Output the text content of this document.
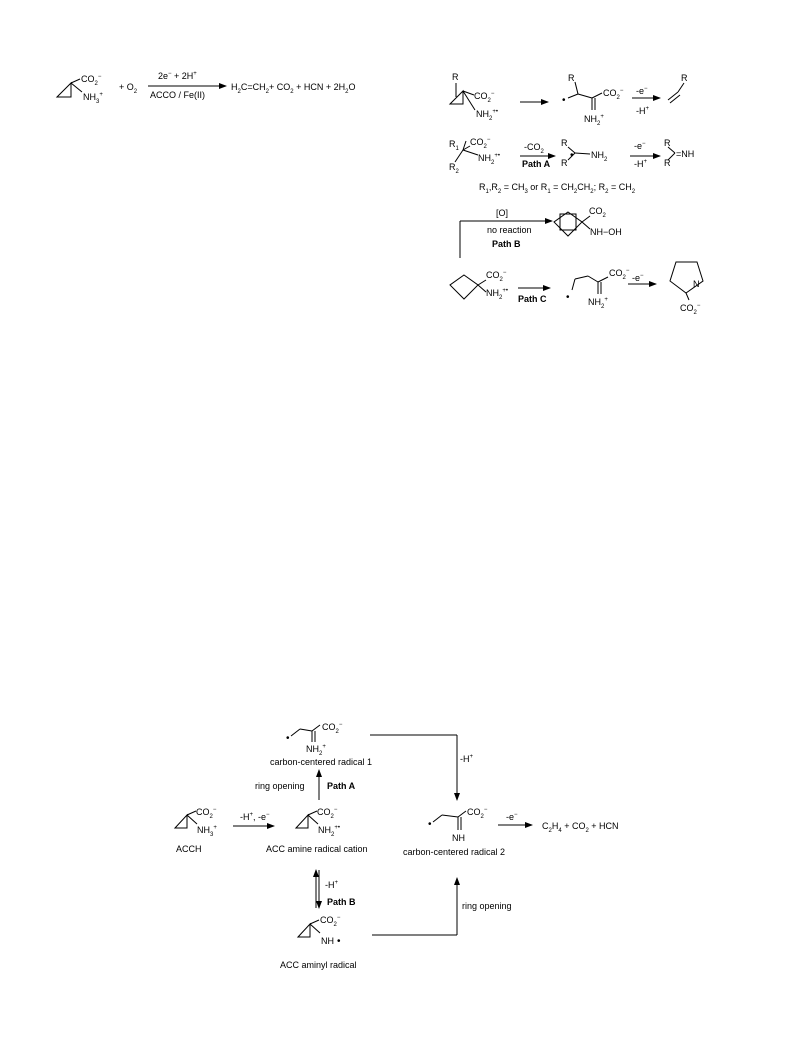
$CO_2^-$
$NH_3^+$
+ $O_2$
2e− + 2H+
ACCO / Fe(II)
$H_2C=CH_2+ CO_2$ + HCN + $2H_2O$
R
$CO_2^-$
$NH_2^{+•}$
R
•
$CO_2^-$
$NH_2^+$
-e−
-H+
R
$R_1$
$CO_2^-$
$R_2$
$NH_2^{+•}$
$-CO_2$
Path A
R
R
• $NH_2$
-e−
-H+
R
R
=NH
$R_1,R_2 = CH_3$ or $R_1 = CH_2CH_2$; $R_2 = CH_2$
[O]
no reaction
Path B
$CO_2$
NH−OH
$CO_2^-$
$NH_2^{+•}$
Path C •
$CO_2^-$
$NH_2^+$
-e−
N
$CO_2^-$
•
$CO_2^-$
$NH_2^+$
carbon-centered radical 1
ring opening Path A
-H+
$CO_2^-$
$NH_3^+$
ACCH
-H+, -e−	$CO_2^-$
$NH_2^{+•}$
ACC amine radical cation
•
$CO_2^-$
NH
carbon-centered radical 2
-e−
$C_2H_4 + CO_2$ + HCN
-H+
Path B
$CO_2^-$
NH •
ACC aminyl radical
ring opening
